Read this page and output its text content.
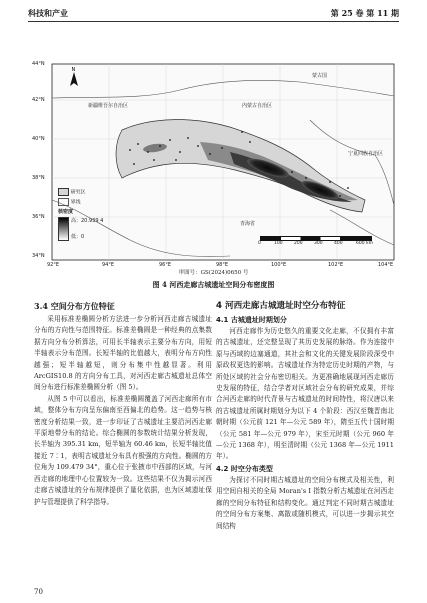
科技和产业	第 25 卷 第 11 期
N
44°N
42°N
40°N
38°N
36°N
34°N
92°E	94°E	96°E	98°E	100°E	102°E	104°E
蒙古国
新疆维吾尔自治区	内蒙古自治区
宁夏回族自治区
青海省
研究区
界线
核密度
高：20.939 4
低：0
0	100	200	300	400	600 km
审图号：GS(2024)0650 号
图 4 河西走廊古城遗址空间分布密度图

3.4 空间分布方位特征

采用标准差椭圆分析方法进一步分析河西走廊古城遗址分布的方向性与范围特征。标准差椭圆是一种经典的点集数据方向分布分析算法，可用长半轴表示主要分布方向，用短半轴表示分布范围。长短半轴的比值越大，表明分布方向性越强；短半轴越短，则分布集中性越显著。利用 ArcGIS10.8 的方向分布工具，对河西走廊古城遗址总体空间分布进行标准差椭圆分析（图 5）。

从图 5 中可以看出，标准差椭圆覆盖了河西走廊所有市域，整体分布方向呈东偏南至西偏北的趋势。这一趋势与核密度分析结果一致，进一步印证了古城遗址主要沿河西走廊平原地带分布的结论。综合椭圆的参数统计结果分析发现，长半轴为 395.31 km，短半轴为 60.46 km，长短半轴比值接近 7∶1，表明古城遗址分布具有极强的方向性。椭圆的方位角为 109.479 34°，重心位于张掖市中西部的区域，与河西走廊的地理中心位置较为一致。这些结果不仅为揭示河西走廊古城遗址的分布规律提供了量化依据，也为区域遗址保护与管理提供了科学指导。

4 河西走廊古城遗址时空分布特征

4.1 古城遗址时期划分

河西走廊作为历史悠久的重要文化走廊，不仅拥有丰富的古城遗址，还完整呈现了其历史发展的脉络。作为连接中原与西域的边塞通道，其社会和文化的关键发展阶段深受中原政权更迭的影响。古城遗址作为特定历史时期的产物，与所处区域的社会分布密切相关。为更准确地展现河西走廊历史发展的特征，结合学者对区域社会分布的研究成果，并综合河西走廊的时代背景与古城遗址的时间特性，将汉唐以来的古城遗址所属时期划分为以下 4 个阶段：西汉至魏晋南北朝时期（公元前 121 年—公元 589 年），隋至五代十国时期（公元 581 年—公元 979 年），宋至元时期（公元 960 年—公元 1368 年），明至清时期（公元 1368 年—公元 1911 年）。

4.2 时空分布类型

为探讨不同时期古城遗址的空间分布模式及相关性，利用空间自相关的全局 Moran's I 指数分析古城遗址在河西走廊的空间分布特征和结构变化。通过判定不同时期古城遗址的空间分布方案集、离散或随机模式，可以进一步揭示其空间结构

70
